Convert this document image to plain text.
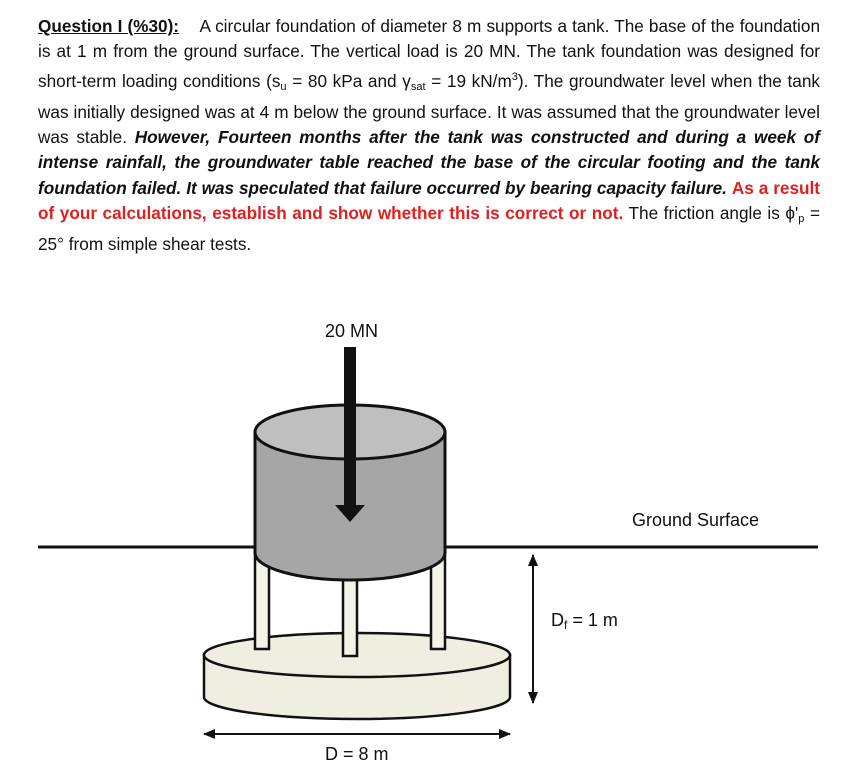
Question I (%30): A circular foundation of diameter 8 m supports a tank. The base of the foundation is at 1 m from the ground surface. The vertical load is 20 MN. The tank foundation was designed for short-term loading conditions ($s_u = 80$ kPa and $\gamma_{sat} = 19$ $kN/m^3$). The groundwater level when the tank was initially designed was at 4 m below the ground surface. It was assumed that the groundwater level was stable. However, Fourteen months after the tank was constructed and during a week of intense rainfall, the groundwater table reached the base of the circular footing and the tank foundation failed. It was speculated that failure occurred by bearing capacity failure. As a result of your calculations, establish and show whether this is correct or not. The friction angle is $\phi'_p = 25^\circ$ from simple shear tests.
Ground Surface
20 MN
Df = 1 m
D = 8 m
